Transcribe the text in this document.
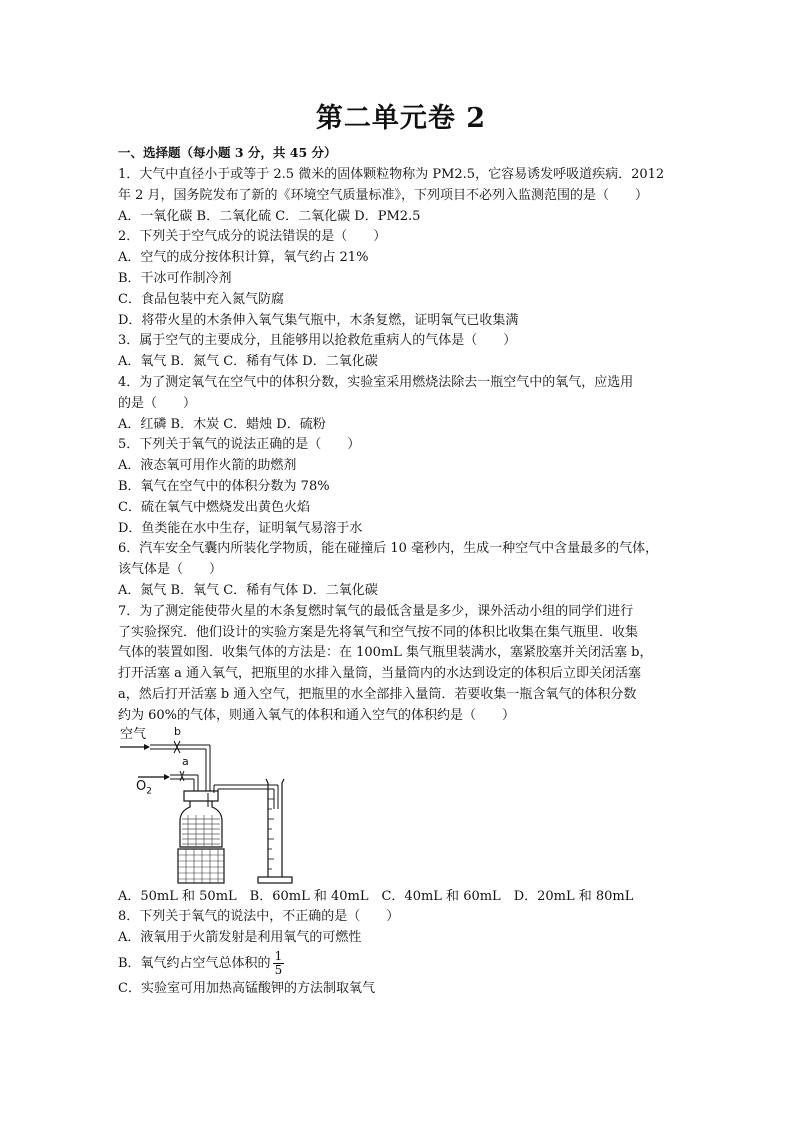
第二单元卷 2

一、选择题（每小题 3 分，共 45 分）

1．大气中直径小于或等于 2.5 微米的固体颗粒物称为 PM2.5，它容易诱发呼吸道疾病．2012

年 2 月，国务院发布了新的《环境空气质量标准》，下列项目不必列入监测范围的是（　　）

A．一氧化碳 B．二氧化硫 C．二氧化碳 D．PM2.5

2．下列关于空气成分的说法错误的是（　　）

A．空气的成分按体积计算，氧气约占 21%

B．干冰可作制冷剂

C．食品包装中充入氮气防腐

D．将带火星的木条伸入氧气集气瓶中，木条复燃，证明氧气已收集满

3．属于空气的主要成分，且能够用以抢救危重病人的气体是（　　）

A．氧气 B．氮气 C．稀有气体 D．二氧化碳

4．为了测定氧气在空气中的体积分数，实验室采用燃烧法除去一瓶空气中的氧气，应选用

的是（　　）

A．红磷 B．木炭 C．蜡烛 D．硫粉

5．下列关于氧气的说法正确的是（　　）

A．液态氧可用作火箭的助燃剂

B．氧气在空气中的体积分数为 78%

C．硫在氧气中燃烧发出黄色火焰

D．鱼类能在水中生存，证明氧气易溶于水

6．汽车安全气囊内所装化学物质，能在碰撞后 10 毫秒内，生成一种空气中含量最多的气体，

该气体是（　　）

A．氮气 B．氧气 C．稀有气体 D．二氧化碳

7．为了测定能使带火星的木条复燃时氧气的最低含量是多少，课外活动小组的同学们进行

了实验探究．他们设计的实验方案是先将氧气和空气按不同的体积比收集在集气瓶里．收集

气体的装置如图．收集气体的方法是：在 100mL 集气瓶里装满水，塞紧胶塞并关闭活塞 b，

打开活塞 a 通入氧气，把瓶里的水排入量筒，当量筒内的水达到设定的体积后立即关闭活塞

a，然后打开活塞 b 通入空气，把瓶里的水全部排入量筒．若要收集一瓶含氧气的体积分数

约为 60%的气体，则通入氧气的体积和通入空气的体积约是（　　）

空气	b
a
$O_2$

A．50mL 和 50mL　B．60mL 和 40mL　C．40mL 和 60mL　D．20mL 和 80mL

8．下列关于氧气的说法中，不正确的是（　　）

A．液氧用于火箭发射是利用氧气的可燃性

B．氧气约占空气总体积的 $\frac{1}{5}$

C．实验室可用加热高锰酸钾的方法制取氧气
